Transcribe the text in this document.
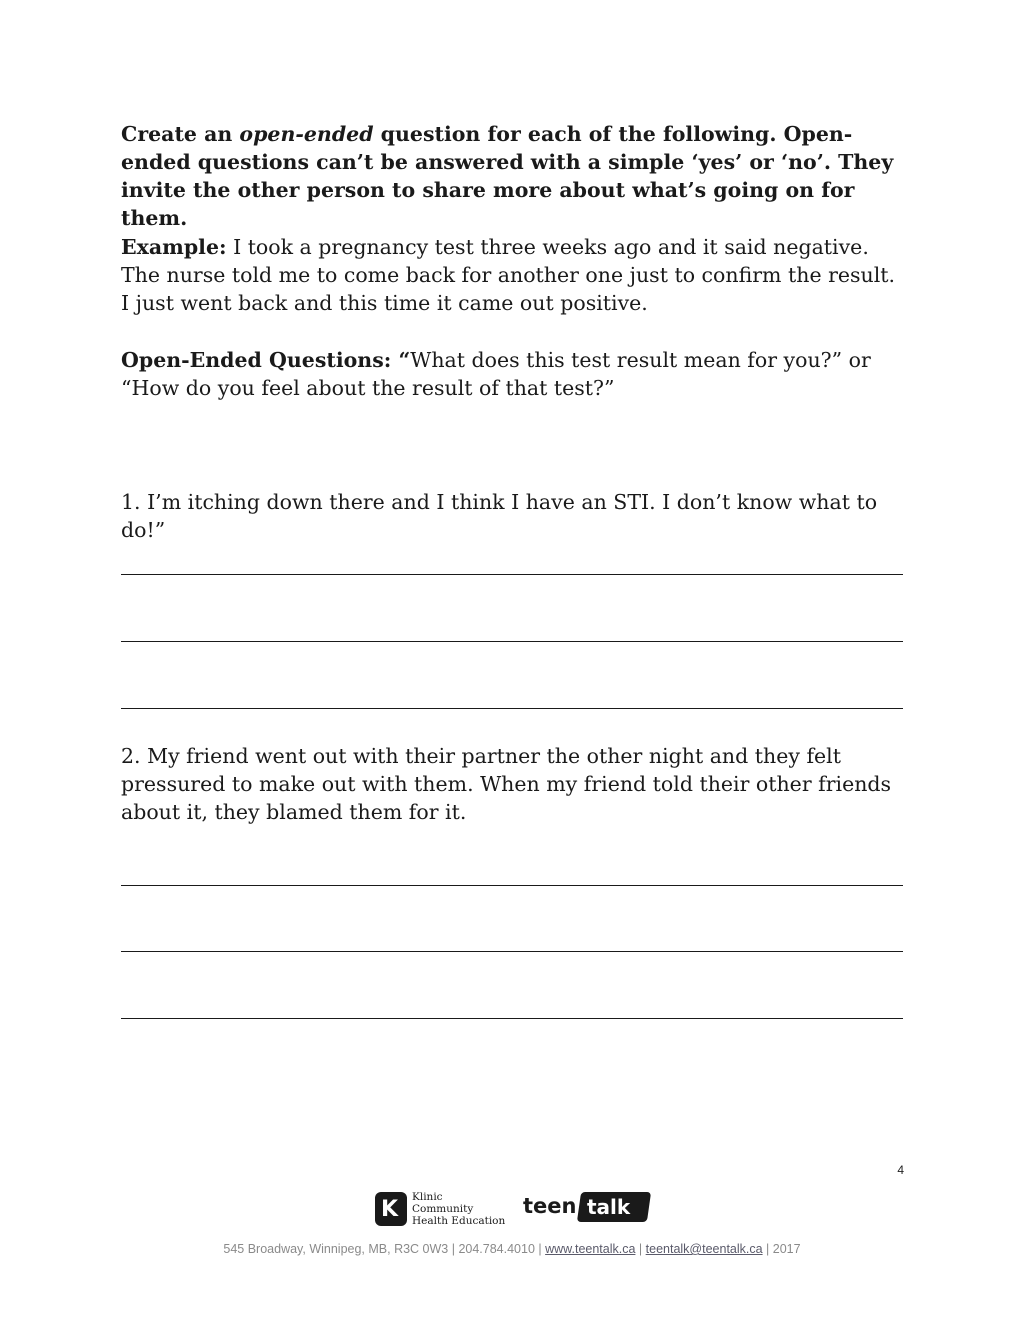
Create an open-ended question for each of the following. Open-ended questions can’t be answered with a simple ‘yes’ or ‘no’. They invite the other person to share more about what’s going on for them.
Example: I took a pregnancy test three weeks ago and it said negative. The nurse told me to come back for another one just to confirm the result. I just went back and this time it came out positive.
Open-Ended Questions: “What does this test result mean for you?” or “How do you feel about the result of that test?”
1. I’m itching down there and I think I have an STI. I don’t know what to do!”
2. My friend went out with their partner the other night and they felt pressured to make out with them. When my friend told their other friends about it, they blamed them for it.
4
K Klinic
Community
Health Education
teen talk
545 Broadway, Winnipeg, MB, R3C 0W3 | 204.784.4010 | www.teentalk.ca | teentalk@teentalk.ca | 2017
